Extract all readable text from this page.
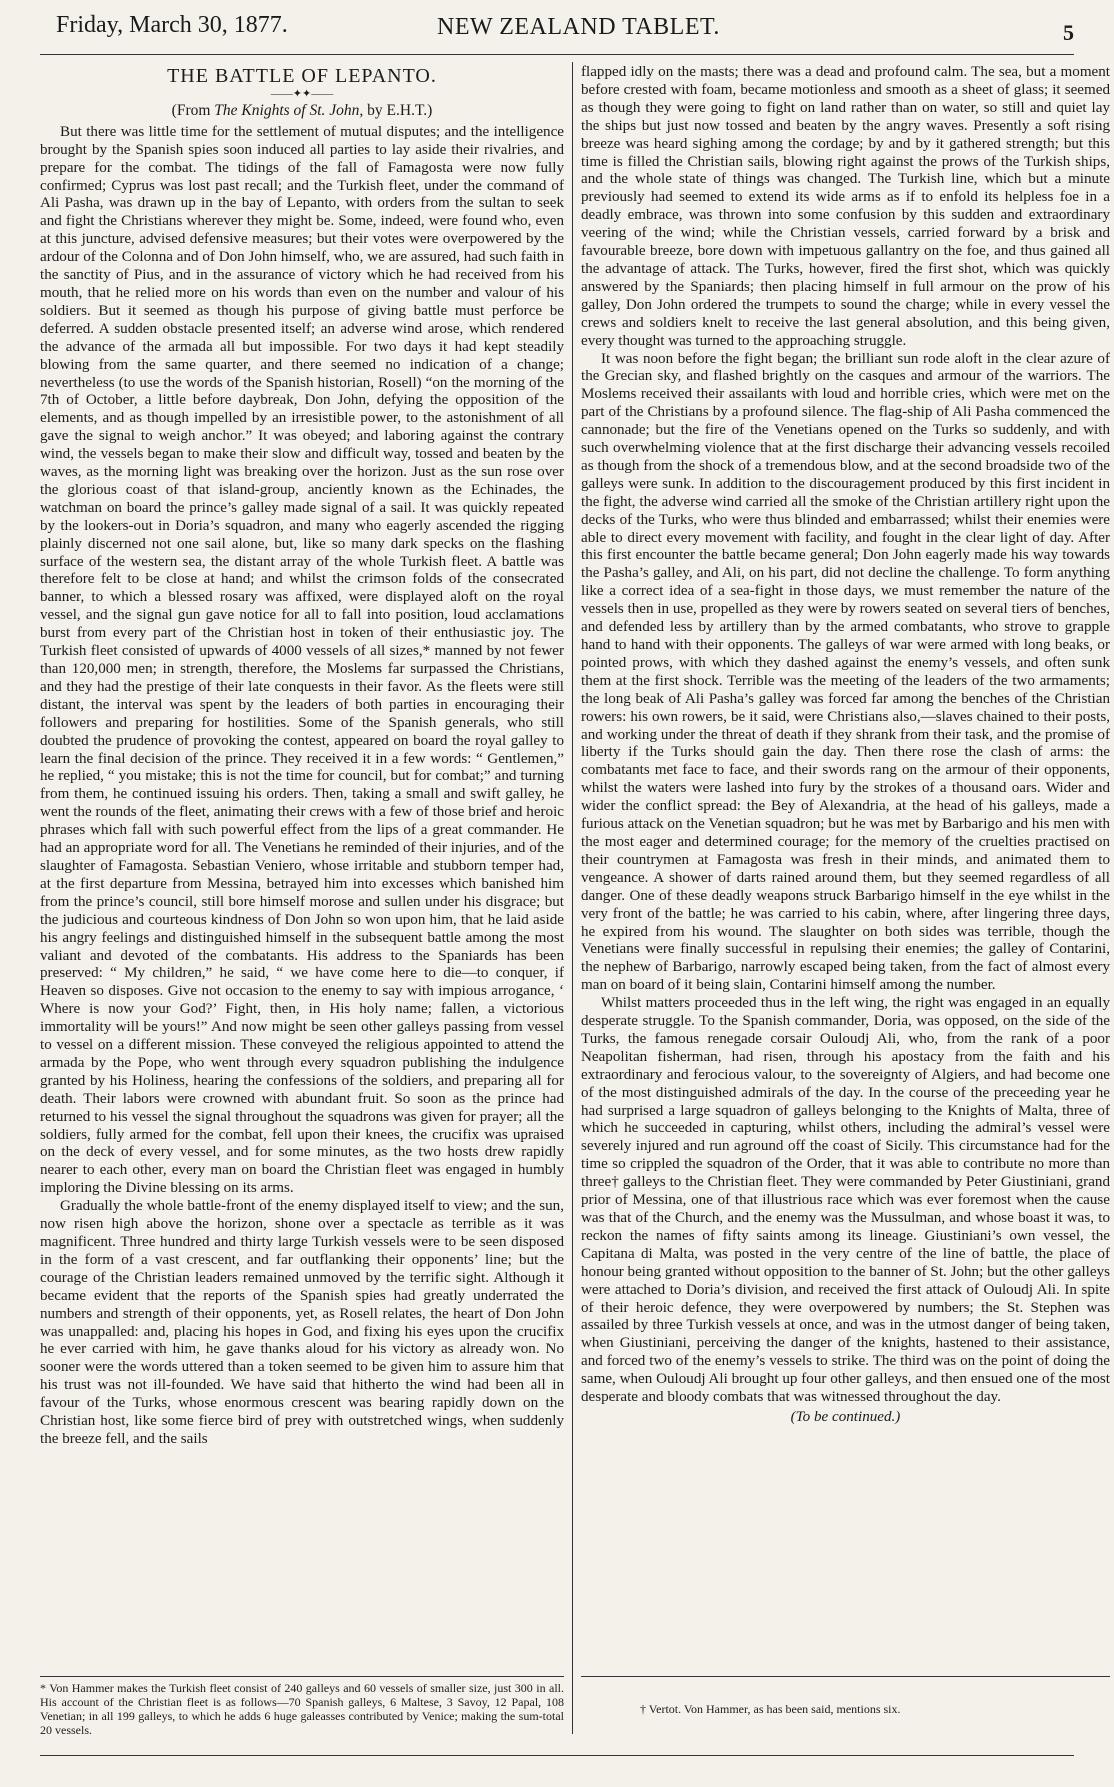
Friday, March 30, 1877.	NEW ZEALAND TABLET.	5
THE BATTLE OF LEPANTO.
——✦✦——
(From The Knights of St. John, by E.H.T.)

But there was little time for the settlement of mutual disputes; and the intelligence brought by the Spanish spies soon induced all parties to lay aside their rivalries, and prepare for the combat. The tidings of the fall of Famagosta were now fully confirmed; Cyprus was lost past recall; and the Turkish fleet, under the command of Ali Pasha, was drawn up in the bay of Lepanto, with orders from the sultan to seek and fight the Christians wherever they might be. Some, indeed, were found who, even at this juncture, advised defensive measures; but their votes were overpowered by the ardour of the Colonna and of Don John himself, who, we are assured, had such faith in the sanctity of Pius, and in the assurance of victory which he had received from his mouth, that he relied more on his words than even on the number and valour of his soldiers. But it seemed as though his purpose of giving battle must perforce be deferred. A sudden obstacle presented itself; an adverse wind arose, which rendered the advance of the armada all but impossible. For two days it had kept steadily blowing from the same quarter, and there seemed no indication of a change; nevertheless (to use the words of the Spanish historian, Rosell) “on the morning of the 7th of October, a little before daybreak, Don John, defying the opposition of the elements, and as though impelled by an irresistible power, to the astonishment of all gave the signal to weigh anchor.” It was obeyed; and laboring against the contrary wind, the vessels began to make their slow and difficult way, tossed and beaten by the waves, as the morning light was breaking over the horizon. Just as the sun rose over the glorious coast of that island-group, anciently known as the Echinades, the watchman on board the prince’s galley made signal of a sail. It was quickly repeated by the lookers-out in Doria’s squadron, and many who eagerly ascended the rigging plainly discerned not one sail alone, but, like so many dark specks on the flashing surface of the western sea, the distant array of the whole Turkish fleet. A battle was therefore felt to be close at hand; and whilst the crimson folds of the consecrated banner, to which a blessed rosary was affixed, were displayed aloft on the royal vessel, and the signal gun gave notice for all to fall into position, loud acclamations burst from every part of the Christian host in token of their enthusiastic joy. The Turkish fleet consisted of upwards of 4000 vessels of all sizes,* manned by not fewer than 120,000 men; in strength, therefore, the Moslems far surpassed the Christians, and they had the prestige of their late conquests in their favor. As the fleets were still distant, the interval was spent by the leaders of both parties in encouraging their followers and preparing for hostilities. Some of the Spanish generals, who still doubted the prudence of provoking the contest, appeared on board the royal galley to learn the final decision of the prince. They received it in a few words: “ Gentlemen,” he replied, “ you mistake; this is not the time for council, but for combat;” and turning from them, he continued issuing his orders. Then, taking a small and swift galley, he went the rounds of the fleet, animating their crews with a few of those brief and heroic phrases which fall with such powerful effect from the lips of a great commander. He had an appropriate word for all. The Venetians he reminded of their injuries, and of the slaughter of Famagosta. Sebastian Veniero, whose irritable and stubborn temper had, at the first departure from Messina, betrayed him into excesses which banished him from the prince’s council, still bore himself morose and sullen under his disgrace; but the judicious and courteous kindness of Don John so won upon him, that he laid aside his angry feelings and distinguished himself in the subsequent battle among the most valiant and devoted of the combatants. His address to the Spaniards has been preserved: “ My children,” he said, “ we have come here to die—to conquer, if Heaven so disposes. Give not occasion to the enemy to say with impious arrogance, ‘ Where is now your God?’ Fight, then, in His holy name; fallen, a victorious immortality will be yours!” And now might be seen other galleys passing from vessel to vessel on a different mission. These conveyed the religious appointed to attend the armada by the Pope, who went through every squadron publishing the indulgence granted by his Holiness, hearing the confessions of the soldiers, and preparing all for death. Their labors were crowned with abundant fruit. So soon as the prince had returned to his vessel the signal throughout the squadrons was given for prayer; all the soldiers, fully armed for the combat, fell upon their knees, the crucifix was upraised on the deck of every vessel, and for some minutes, as the two hosts drew rapidly nearer to each other, every man on board the Christian fleet was engaged in humbly imploring the Divine blessing on its arms.

Gradually the whole battle-front of the enemy displayed itself to view; and the sun, now risen high above the horizon, shone over a spectacle as terrible as it was magnificent. Three hundred and thirty large Turkish vessels were to be seen disposed in the form of a vast crescent, and far outflanking their opponents’ line; but the courage of the Christian leaders remained unmoved by the terrific sight. Although it became evident that the reports of the Spanish spies had greatly underrated the numbers and strength of their opponents, yet, as Rosell relates, the heart of Don John was unappalled: and, placing his hopes in God, and fixing his eyes upon the crucifix he ever carried with him, he gave thanks aloud for his victory as already won. No sooner were the words uttered than a token seemed to be given him to assure him that his trust was not ill-founded. We have said that hitherto the wind had been all in favour of the Turks, whose enormous crescent was bearing rapidly down on the Christian host, like some fierce bird of prey with outstretched wings, when suddenly the breeze fell, and the sails

flapped idly on the masts; there was a dead and profound calm. The sea, but a moment before crested with foam, became motionless and smooth as a sheet of glass; it seemed as though they were going to fight on land rather than on water, so still and quiet lay the ships but just now tossed and beaten by the angry waves. Presently a soft rising breeze was heard sighing among the cordage; by and by it gathered strength; but this time is filled the Christian sails, blowing right against the prows of the Turkish ships, and the whole state of things was changed. The Turkish line, which but a minute previously had seemed to extend its wide arms as if to enfold its helpless foe in a deadly embrace, was thrown into some confusion by this sudden and extraordinary veering of the wind; while the Christian vessels, carried forward by a brisk and favourable breeze, bore down with impetuous gallantry on the foe, and thus gained all the advantage of attack. The Turks, however, fired the first shot, which was quickly answered by the Spaniards; then placing himself in full armour on the prow of his galley, Don John ordered the trumpets to sound the charge; while in every vessel the crews and soldiers knelt to receive the last general absolution, and this being given, every thought was turned to the approaching struggle.

It was noon before the fight began; the brilliant sun rode aloft in the clear azure of the Grecian sky, and flashed brightly on the casques and armour of the warriors. The Moslems received their assailants with loud and horrible cries, which were met on the part of the Christians by a profound silence. The flag-ship of Ali Pasha commenced the cannonade; but the fire of the Venetians opened on the Turks so suddenly, and with such overwhelming violence that at the first discharge their advancing vessels recoiled as though from the shock of a tremendous blow, and at the second broadside two of the galleys were sunk. In addition to the discouragement produced by this first incident in the fight, the adverse wind carried all the smoke of the Christian artillery right upon the decks of the Turks, who were thus blinded and embarrassed; whilst their enemies were able to direct every movement with facility, and fought in the clear light of day. After this first encounter the battle became general; Don John eagerly made his way towards the Pasha’s galley, and Ali, on his part, did not decline the challenge. To form anything like a correct idea of a sea-fight in those days, we must remember the nature of the vessels then in use, propelled as they were by rowers seated on several tiers of benches, and defended less by artillery than by the armed combatants, who strove to grapple hand to hand with their opponents. The galleys of war were armed with long beaks, or pointed prows, with which they dashed against the enemy’s vessels, and often sunk them at the first shock. Terrible was the meeting of the leaders of the two armaments; the long beak of Ali Pasha’s galley was forced far among the benches of the Christian rowers: his own rowers, be it said, were Christians also,—slaves chained to their posts, and working under the threat of death if they shrank from their task, and the promise of liberty if the Turks should gain the day. Then there rose the clash of arms: the combatants met face to face, and their swords rang on the armour of their opponents, whilst the waters were lashed into fury by the strokes of a thousand oars. Wider and wider the conflict spread: the Bey of Alexandria, at the head of his galleys, made a furious attack on the Venetian squadron; but he was met by Barbarigo and his men with the most eager and determined courage; for the memory of the cruelties practised on their countrymen at Famagosta was fresh in their minds, and animated them to vengeance. A shower of darts rained around them, but they seemed regardless of all danger. One of these deadly weapons struck Barbarigo himself in the eye whilst in the very front of the battle; he was carried to his cabin, where, after lingering three days, he expired from his wound. The slaughter on both sides was terrible, though the Venetians were finally successful in repulsing their enemies; the galley of Contarini, the nephew of Barbarigo, narrowly escaped being taken, from the fact of almost every man on board of it being slain, Contarini himself among the number.

Whilst matters proceeded thus in the left wing, the right was engaged in an equally desperate struggle. To the Spanish commander, Doria, was opposed, on the side of the Turks, the famous renegade corsair Ouloudj Ali, who, from the rank of a poor Neapolitan fisherman, had risen, through his apostacy from the faith and his extraordinary and ferocious valour, to the sovereignty of Algiers, and had become one of the most distinguished admirals of the day. In the course of the preceeding year he had surprised a large squadron of galleys belonging to the Knights of Malta, three of which he succeeded in capturing, whilst others, including the admiral’s vessel were severely injured and run aground off the coast of Sicily. This circumstance had for the time so crippled the squadron of the Order, that it was able to contribute no more than three† galleys to the Christian fleet. They were commanded by Peter Giustiniani, grand prior of Messina, one of that illustrious race which was ever foremost when the cause was that of the Church, and the enemy was the Mussulman, and whose boast it was, to reckon the names of fifty saints among its lineage. Giustiniani’s own vessel, the Capitana di Malta, was posted in the very centre of the line of battle, the place of honour being granted without opposition to the banner of St. John; but the other galleys were attached to Doria’s division, and received the first attack of Ouloudj Ali. In spite of their heroic defence, they were overpowered by numbers; the St. Stephen was assailed by three Turkish vessels at once, and was in the utmost danger of being taken, when Giustiniani, perceiving the danger of the knights, hastened to their assistance, and forced two of the enemy’s vessels to strike. The third was on the point of doing the same, when Ouloudj Ali brought up four other galleys, and then ensued one of the most desperate and bloody combats that was witnessed throughout the day.

(To be continued.)
* Von Hammer makes the Turkish fleet consist of 240 galleys and 60 vessels of smaller size, just 300 in all. His account of the Christian fleet is as follows—70 Spanish galleys, 6 Maltese, 3 Savoy, 12 Papal, 108 Venetian; in all 199 galleys, to which he adds 6 huge galeasses contributed by Venice; making the sum-total 20 vessels.
† Vertot. Von Hammer, as has been said, mentions six.
